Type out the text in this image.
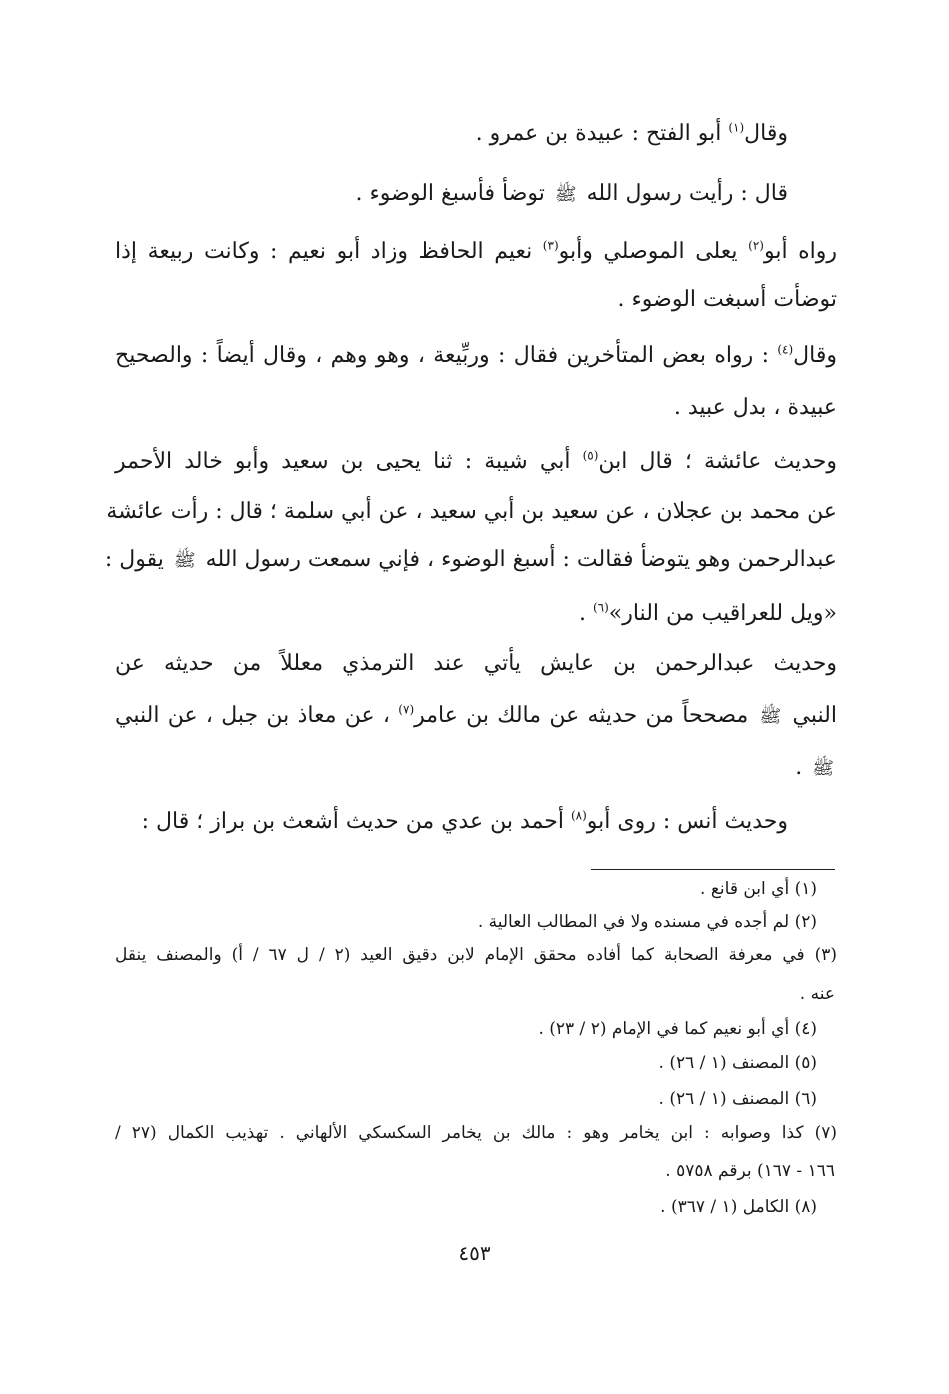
وقال$^{(١)}$ أبو الفتح : عبيدة بن عمرو .
قال : رأيت رسول الله ﷺ توضأ فأسبغ الوضوء .
رواه أبو$^{(٢)}$ يعلى الموصلي وأبو$^{(٣)}$ نعيم الحافظ وزاد أبو نعيم : وكانت ربيعة إذا
توضأت أسبغت الوضوء .
وقال$^{(٤)}$ : رواه بعض المتأخرين فقال : وربِّيعة ، وهو وهم ، وقال أيضاً : والصحيح
عبيدة ، بدل عبيد .
وحديث عائشة ؛ قال ابن$^{(٥)}$ أبي شيبة : ثنا يحيى بن سعيد وأبو خالد الأحمر
عن محمد بن عجلان ، عن سعيد بن أبي سعيد ، عن أبي سلمة ؛ قال : رأت عائشة
عبدالرحمن وهو يتوضأ فقالت : أسبغ الوضوء ، فإني سمعت رسول الله ﷺ يقول :
«ويل للعراقيب من النار»$^{(٦)}$ .
وحديث عبدالرحمن بن عايش يأتي عند الترمذي معللاً من حديثه عن
النبي ﷺ مصححاً من حديثه عن مالك بن عامر$^{(٧)}$ ، عن معاذ بن جبل ، عن النبي
ﷺ .
وحديث أنس : روى أبو$^{(٨)}$ أحمد بن عدي من حديث أشعث بن براز ؛ قال :
(١) أي ابن قانع .
(٢) لم أجده في مسنده ولا في المطالب العالية .
(٣) في معرفة الصحابة كما أفاده محقق الإمام لابن دقيق العيد (٢ / ل ٦٧ / أ) والمصنف ينقل
عنه .
(٤) أي أبو نعيم كما في الإمام (٢ / ٢٣) .
(٥) المصنف (١ / ٢٦) .
(٦) المصنف (١ / ٢٦) .
(٧) كذا وصوابه : ابن يخامر وهو : مالك بن يخامر السكسكي الألهاني . تهذيب الكمال (٢٧ /
١٦٦ - ١٦٧) برقم ٥٧٥٨ .
(٨) الكامل (١ / ٣٦٧) .
٤٥٣
